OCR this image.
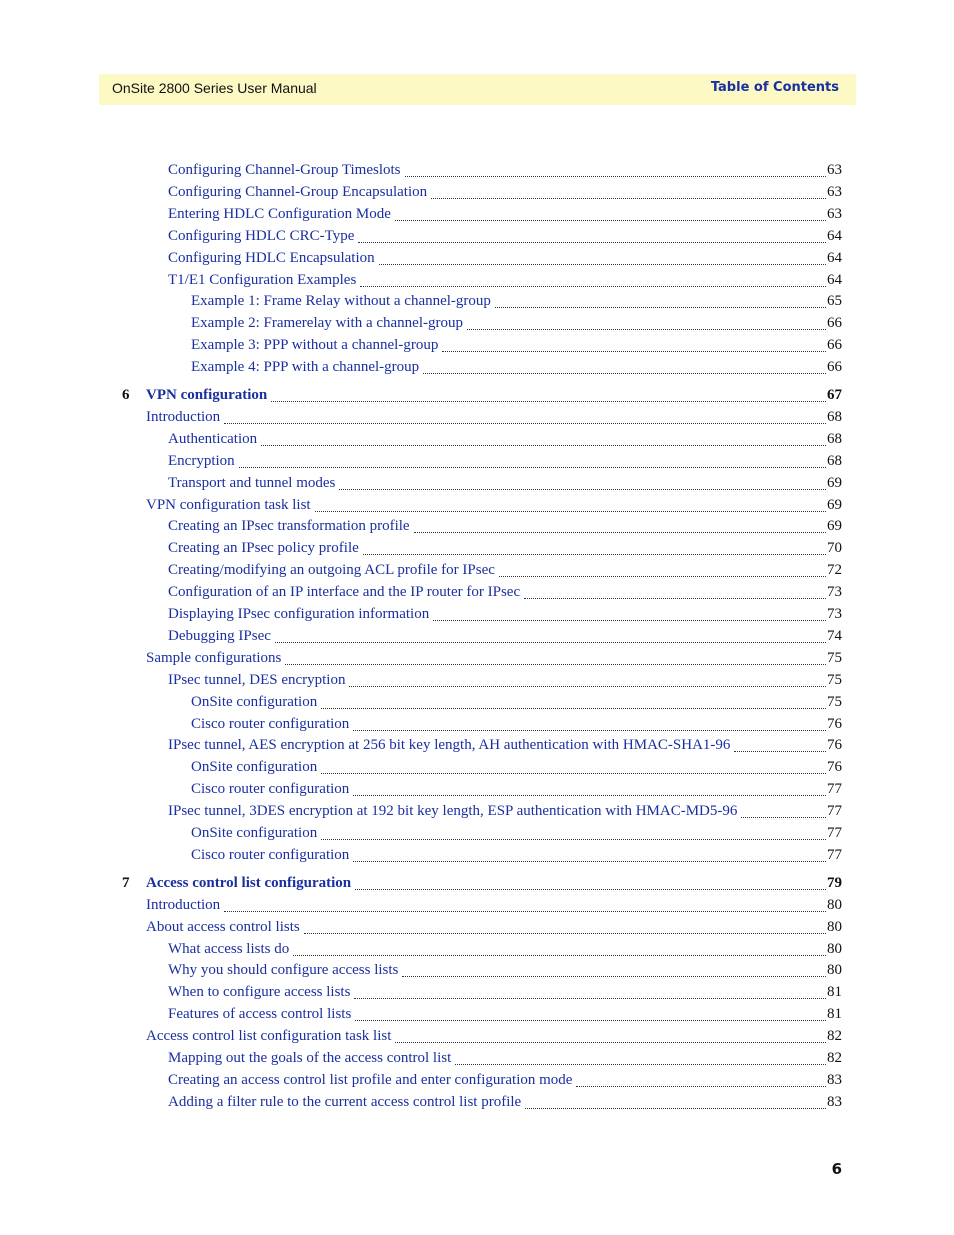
OnSite 2800 Series User Manual	Table of Contents
Configuring Channel-Group Timeslots	63
Configuring Channel-Group Encapsulation	63
Entering HDLC Configuration Mode	63
Configuring HDLC CRC-Type	64
Configuring HDLC Encapsulation	64
T1/E1 Configuration Examples	64
Example 1: Frame Relay without a channel-group	65
Example 2: Framerelay with a channel-group	66
Example 3: PPP without a channel-group	66
Example 4: PPP with a channel-group	66
6 VPN configuration	67
Introduction	68
Authentication	68
Encryption	68
Transport and tunnel modes	69
VPN configuration task list	69
Creating an IPsec transformation profile	69
Creating an IPsec policy profile	70
Creating/modifying an outgoing ACL profile for IPsec	72
Configuration of an IP interface and the IP router for IPsec	73
Displaying IPsec configuration information	73
Debugging IPsec	74
Sample configurations	75
IPsec tunnel, DES encryption	75
OnSite configuration	75
Cisco router configuration	76
IPsec tunnel, AES encryption at 256 bit key length, AH authentication with HMAC-SHA1-96	76
OnSite configuration	76
Cisco router configuration	77
IPsec tunnel, 3DES encryption at 192 bit key length, ESP authentication with HMAC-MD5-96	77
OnSite configuration	77
Cisco router configuration	77
7 Access control list configuration	79
Introduction	80
About access control lists	80
What access lists do	80
Why you should configure access lists	80
When to configure access lists	81
Features of access control lists	81
Access control list configuration task list	82
Mapping out the goals of the access control list	82
Creating an access control list profile and enter configuration mode	83
Adding a filter rule to the current access control list profile	83
6
